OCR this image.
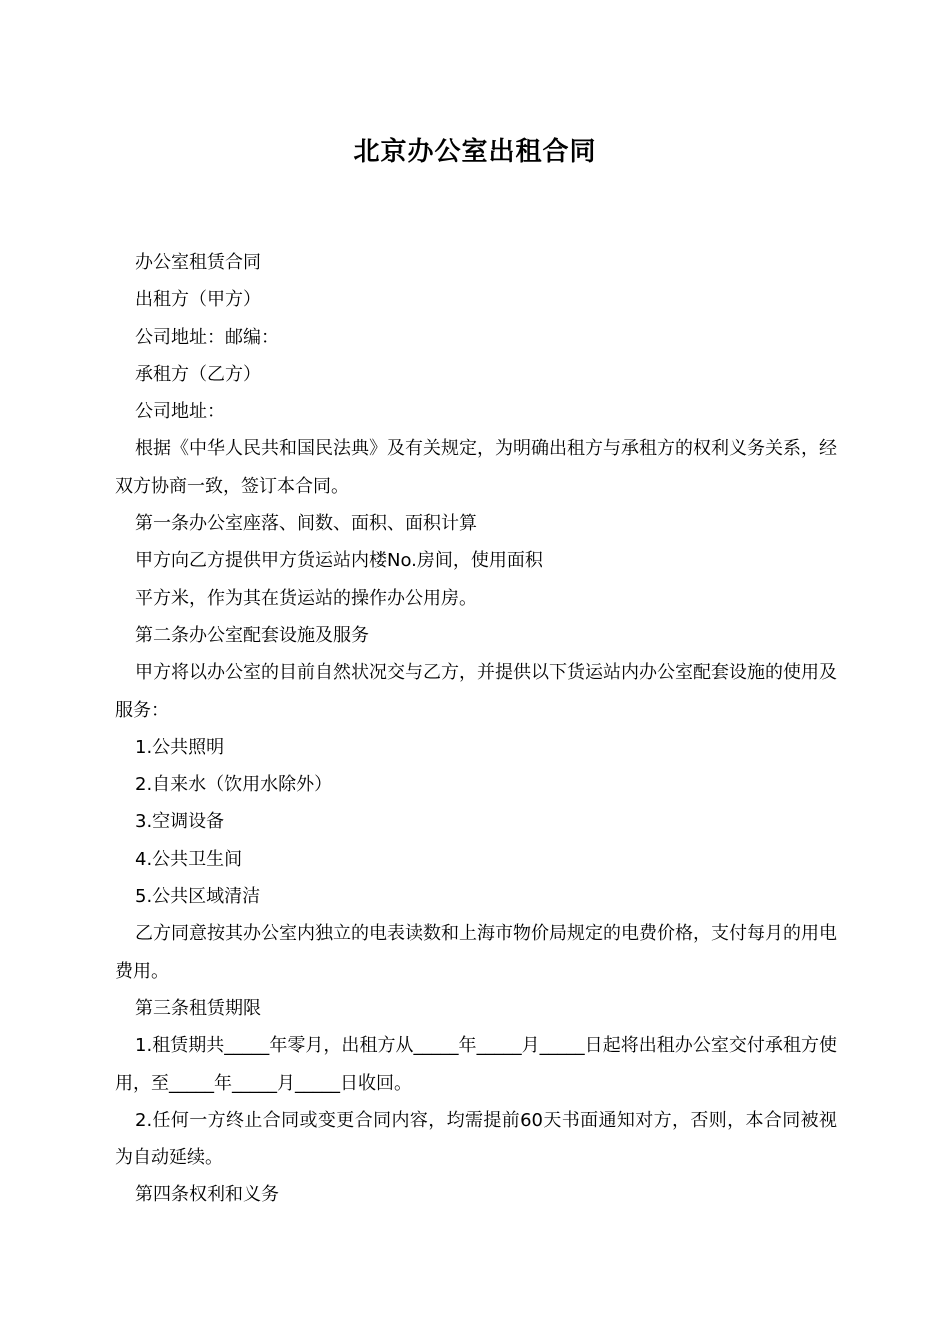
北京办公室出租合同

办公室租赁合同

出租方（甲方）

公司地址：邮编：

承租方（乙方）

公司地址：

根据《中华人民共和国民法典》及有关规定，为明确出租方与承租方的权利义务关系，经双方协商一致，签订本合同。

第一条办公室座落、间数、面积、面积计算

甲方向乙方提供甲方货运站内楼No.房间，使用面积

平方米，作为其在货运站的操作办公用房。

第二条办公室配套设施及服务

甲方将以办公室的目前自然状况交与乙方，并提供以下货运站内办公室配套设施的使用及服务：

1.公共照明

2.自来水（饮用水除外）

3.空调设备

4.公共卫生间

5.公共区域清洁

乙方同意按其办公室内独立的电表读数和上海市物价局规定的电费价格，支付每月的用电费用。

第三条租赁期限

1.租赁期共_____年零月，出租方从_____年_____月_____日起将出租办公室交付承租方使用，至_____年_____月_____日收回。

2.任何一方终止合同或变更合同内容，均需提前60天书面通知对方，否则，本合同被视为自动延续。

第四条权利和义务
